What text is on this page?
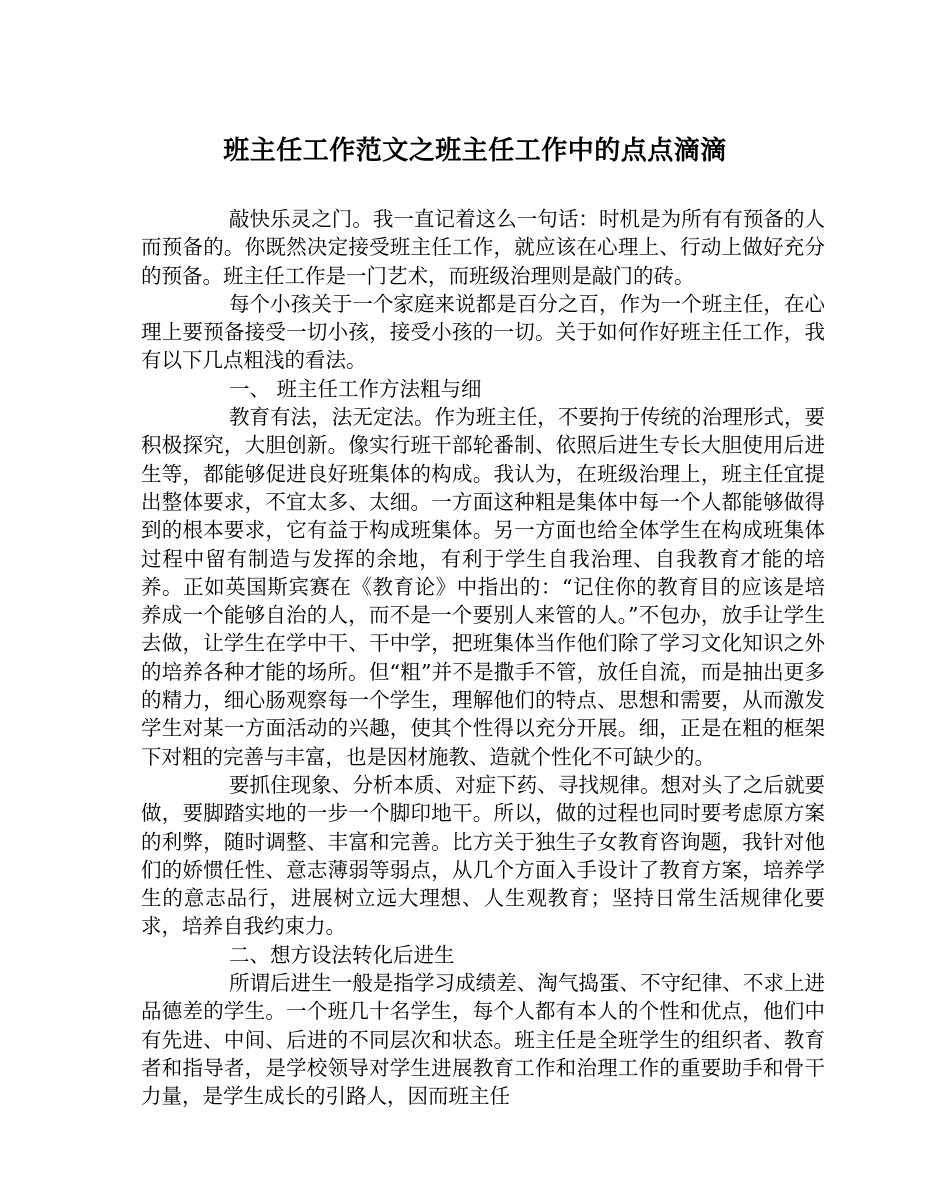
班主任工作范文之班主任工作中的点点滴滴

敲快乐灵之门。我一直记着这么一句话：时机是为所有有预备的人而预备的。你既然决定接受班主任工作，就应该在心理上、行动上做好充分的预备。班主任工作是一门艺术，而班级治理则是敲门的砖。

每个小孩关于一个家庭来说都是百分之百，作为一个班主任，在心理上要预备接受一切小孩，接受小孩的一切。关于如何作好班主任工作，我有以下几点粗浅的看法。

一、 班主任工作方法粗与细

教育有法，法无定法。作为班主任，不要拘于传统的治理形式，要积极探究，大胆创新。像实行班干部轮番制、依照后进生专长大胆使用后进生等，都能够促进良好班集体的构成。我认为，在班级治理上，班主任宜提出整体要求，不宜太多、太细。一方面这种粗是集体中每一个人都能够做得到的根本要求，它有益于构成班集体。另一方面也给全体学生在构成班集体过程中留有制造与发挥的余地，有利于学生自我治理、自我教育才能的培养。正如英国斯宾赛在《教育论》中指出的：“记住你的教育目的应该是培养成一个能够自治的人，而不是一个要别人来管的人。”不包办，放手让学生去做，让学生在学中干、干中学，把班集体当作他们除了学习文化知识之外的培养各种才能的场所。但“粗”并不是撒手不管，放任自流，而是抽出更多的精力，细心肠观察每一个学生，理解他们的特点、思想和需要，从而激发学生对某一方面活动的兴趣，使其个性得以充分开展。细，正是在粗的框架下对粗的完善与丰富，也是因材施教、造就个性化不可缺少的。

要抓住现象、分析本质、对症下药、寻找规律。想对头了之后就要做，要脚踏实地的一步一个脚印地干。所以，做的过程也同时要考虑原方案的利弊，随时调整、丰富和完善。比方关于独生子女教育咨询题，我针对他们的娇惯任性、意志薄弱等弱点，从几个方面入手设计了教育方案，培养学生的意志品行，进展树立远大理想、人生观教育；坚持日常生活规律化要求，培养自我约束力。

二、想方设法转化后进生

所谓后进生一般是指学习成绩差、淘气捣蛋、不守纪律、不求上进品德差的学生。一个班几十名学生，每个人都有本人的个性和优点，他们中有先进、中间、后进的不同层次和状态。班主任是全班学生的组织者、教育者和指导者，是学校领导对学生进展教育工作和治理工作的重要助手和骨干力量，是学生成长的引路人，因而班主任
